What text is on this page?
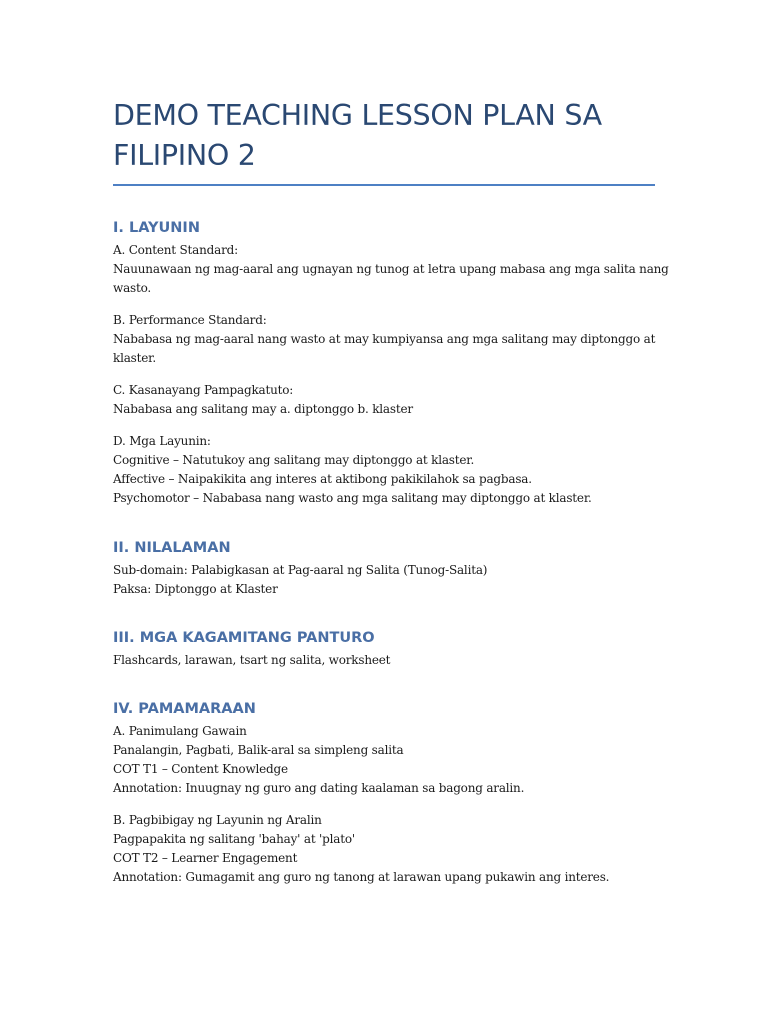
DEMO TEACHING LESSON PLAN SA
FILIPINO 2
I. LAYUNIN

A. Content Standard:
Nauunawaan ng mag-aaral ang ugnayan ng tunog at letra upang mabasa ang mga salita nang
wasto.

B. Performance Standard:
Nababasa ng mag-aaral nang wasto at may kumpiyansa ang mga salitang may diptonggo at
klaster.

C. Kasanayang Pampagkatuto:
Nababasa ang salitang may a. diptonggo b. klaster

D. Mga Layunin:
Cognitive – Natutukoy ang salitang may diptonggo at klaster.
Affective – Naipakikita ang interes at aktibong pakikilahok sa pagbasa.
Psychomotor – Nababasa nang wasto ang mga salitang may diptonggo at klaster.

II. NILALAMAN

Sub-domain: Palabigkasan at Pag-aaral ng Salita (Tunog-Salita)
Paksa: Diptonggo at Klaster

III. MGA KAGAMITANG PANTURO

Flashcards, larawan, tsart ng salita, worksheet

IV. PAMAMARAAN

A. Panimulang Gawain
Panalangin, Pagbati, Balik-aral sa simpleng salita
COT T1 – Content Knowledge
Annotation: Inuugnay ng guro ang dating kaalaman sa bagong aralin.

B. Pagbibigay ng Layunin ng Aralin
Pagpapakita ng salitang 'bahay' at 'plato'
COT T2 – Learner Engagement
Annotation: Gumagamit ang guro ng tanong at larawan upang pukawin ang interes.
